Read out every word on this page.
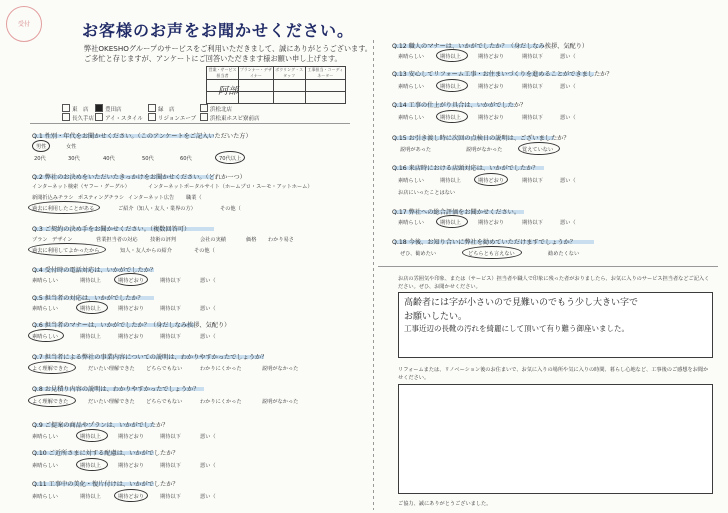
受付	お客様のお声をお聞かせください。
弊社OKESHOグループのサービスをご利用いただきまして、誠にありがとうございます。
ご多忙と存じますが、アンケートにご回答いただきます様お願い申し上げます。
営業・サービス担当者	プランナー・デザイナー	ボウリング・スタッフ	工事担当・コーディネーター

阿部
東　店	豊田店	緑　店	浜松北店
長久手店	アイ・スタイル	リジョンエーブ	浜松東ホスピ寮前店
Q.1 性別・年代をお聞かせください。（このアンケートをご記入いただいた方）
男性	女性
20代	30代	40代	50代	60代	70代以上
Q.2 弊社のお決めをいただいたきっかけをお聞かせください。（どれか一つ）
インターネット検索（ヤフー・グーグル）	インターネットポータルサイト（ホームプロ・スーモ・アットホーム）
新聞折込みチラシ ポスティングチラシ インターネット広告 職業（
過去に利用したことがある	ご紹介（知人・友人・業界の方）	その他（
Q.3 ご契約の決め手をお聞かせください。（複数回答可）
プラン デザイン	営業担当者の対応 技術の評判	会社の実績	価格 わかり易さ
過去に利用してよかったから	知人・友人からの紹介	その他（
Q.4 受付時の電話対応は、いかがでしたか？
素晴らしい	期待以上	期待どおり	期待以下	悪い（
Q.5 担当者の対応は、いかがでしたか？
素晴らしい	期待以上	期待どおり	期待以下	悪い（
Q.6 担当者のマナーは、いかがでしたか？（身だしなみ挨拶、気配り）
素晴らしい	期待以上	期待どおり	期待以下	悪い（
Q.7 担当者による弊社の事業内容についての説明は、わかりやすかったでしょうか？
よく理解できた	だいたい理解できた どちらでもない	わかりにくかった	説明がなかった
Q.8 お見積り内容の説明は、わかりやすかったでしょうか？
よく理解できた	だいたい理解できた どちらでもない	わかりにくかった	説明がなかった
Q.9 ご提案の商品やプランは、いかがでしたか？
素晴らしい	期待以上	期待どおり	期待以下	悪い（
Q.10 ご近所さまに対する配慮は、いかがでしたか？
素晴らしい	期待以上	期待どおり	期待以下	悪い（
Q.11 工事中の美化・復片付けは、いかがでしたか？
素晴らしい	期待以上	期待どおり	期待以下	悪い（
Q.12 職人のマナーは、いかがでしたか？（身だしなみ挨拶、気配り）
素晴らしい	期待以上	期待どおり	期待以下	悪い（
Q.13 安心してリフォーム工事・お住まいづくりを進めることができましたか？
素晴らしい	期待以上	期待どおり	期待以下	悪い（
Q.14 工事の仕上がり具合は、いかがでしたか？
素晴らしい	期待以上	期待どおり	期待以下	悪い（
Q.15 お引き渡し時に次回の点検日の説明は、ございましたか？
説明があった	説明がなかった	覚えていない
Q.16 来店時における店頭対応は、いかがでしたか？
素晴らしい	期待以上	期待どおり	期待以下	悪い（
お店にいったことはない
Q.17 弊社への総合評価をお聞かせください。
素晴らしい	期待以上	期待どおり	期待以下	悪い（
Q.18 今後、お知り合いに弊社を勧めていただけますでしょうか？
ぜひ、勧めたい	どちらとも言えない	勧めたくない
お店の雰囲気や印象、または（サービス）担当者や職人で印象に残った者がおりましたら、お気に入りのサービス担当者などご記入ください。ぜひ、お聞かせください。
高齢者には字が小さいので見難いのでもう少し大きい字で
お願いしたい。
工事近辺の長靴の汚れを綺麗にして頂いて有り難う御座いました。
リフォームまたは、リノベーション後のお住まいで、お気に入りの場所や気に入りの時間、暮らし心地など、工事後のご感想をお聞かせください。
ご協力、誠にありがとうございました。
